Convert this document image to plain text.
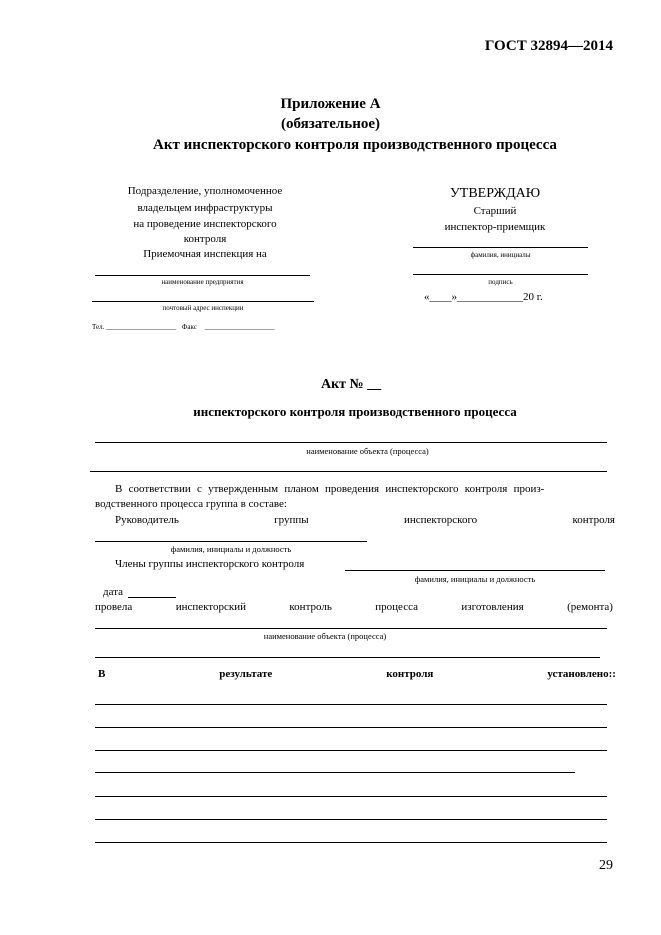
ГОСТ 32894—2014
Приложение А
(обязательное)
Акт инспекторского контроля производственного процесса
Подразделение, уполномоченное
владельцем инфраструктуры
на проведение инспекторского
контроля
Приемочная инспекция на
наименование предприятия
почтовый адрес инспекции
Тел. ____________________ Факс ____________________
УТВЕРЖДАЮ
Старший
инспектор-приемщик
фамилия, инициалы
подпись
«____»____________20 г.
Акт № __
инспекторского контроля производственного процесса
наименование объекта (процесса)
В соответствии с утвержденным планом проведения инспекторского контроля произ-
водственного процесса группа в составе:
Руководитель	группы	инспекторского	контроля
фамилия, инициалы и должность
Члены группы инспекторского контроля
фамилия, инициалы и должность
дата
провела	инспекторский	контроль	процесса	изготовления	(ремонта)
наименование объекта (процесса)
В	результате	контроля	установлено::
29
